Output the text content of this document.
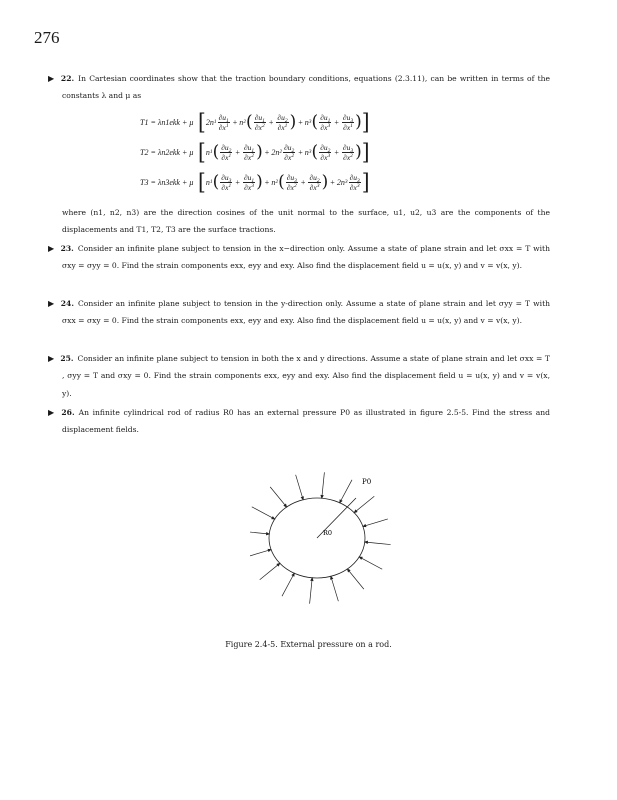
276
▶ 22. In Cartesian coordinates show that the traction boundary conditions, equations (2.3.11), can be written in terms of the constants λ and μ as
T1 = λn1ekk + μ [ 2n $1 \frac{\partial u_1}{\partial x^1} + n$ 2 ( $\frac{\partial u_1}{\partial x^2} + \frac{\partial u_2}{\partial x^1}$ ) + n 3 ( $\frac{\partial u_1}{\partial x^3} + \frac{\partial u_3}{\partial x^1}$ ) ]
T2 = λn2ekk + μ [ n 1 ( $\frac{\partial u_2}{\partial x^1} + \frac{\partial u_1}{\partial x^2}$ ) + 2n $2 \frac{\partial u_2}{\partial x^2} + n$ 3 ( $\frac{\partial u_2}{\partial x^3} + \frac{\partial u_3}{\partial x^2}$ ) ]
T3 = λn3ekk + μ [ n 1 ( $\frac{\partial u_3}{\partial x^1} + \frac{\partial u_1}{\partial x^3}$ ) + n 2 ( $\frac{\partial u_3}{\partial x^2} + \frac{\partial u_2}{\partial x^3}$ ) + 2n $3 \frac{\partial u_3}{\partial x^3}$ ]
where (n1, n2, n3) are the direction cosines of the unit normal to the surface, u1, u2, u3 are the components of the displacements and T1, T2, T3 are the surface tractions.
▶ 23. Consider an infinite plane subject to tension in the x−direction only. Assume a state of plane strain and let σxx = T with σxy = σyy = 0. Find the strain components exx, eyy and exy. Also find the displacement field u = u(x, y) and v = v(x, y).
▶ 24. Consider an infinite plane subject to tension in the y-direction only. Assume a state of plane strain and let σyy = T with σxx = σxy = 0. Find the strain components exx, eyy and exy. Also find the displacement field u = u(x, y) and v = v(x, y).
▶ 25. Consider an infinite plane subject to tension in both the x and y directions. Assume a state of plane strain and let σxx = T , σyy = T and σxy = 0. Find the strain components exx, eyy and exy. Also find the displacement field u = u(x, y) and v = v(x, y).
▶ 26. An infinite cylindrical rod of radius R0 has an external pressure P0 as illustrated in figure 2.5-5. Find the stress and displacement fields.
P0
R0
Figure 2.4-5. External pressure on a rod.
